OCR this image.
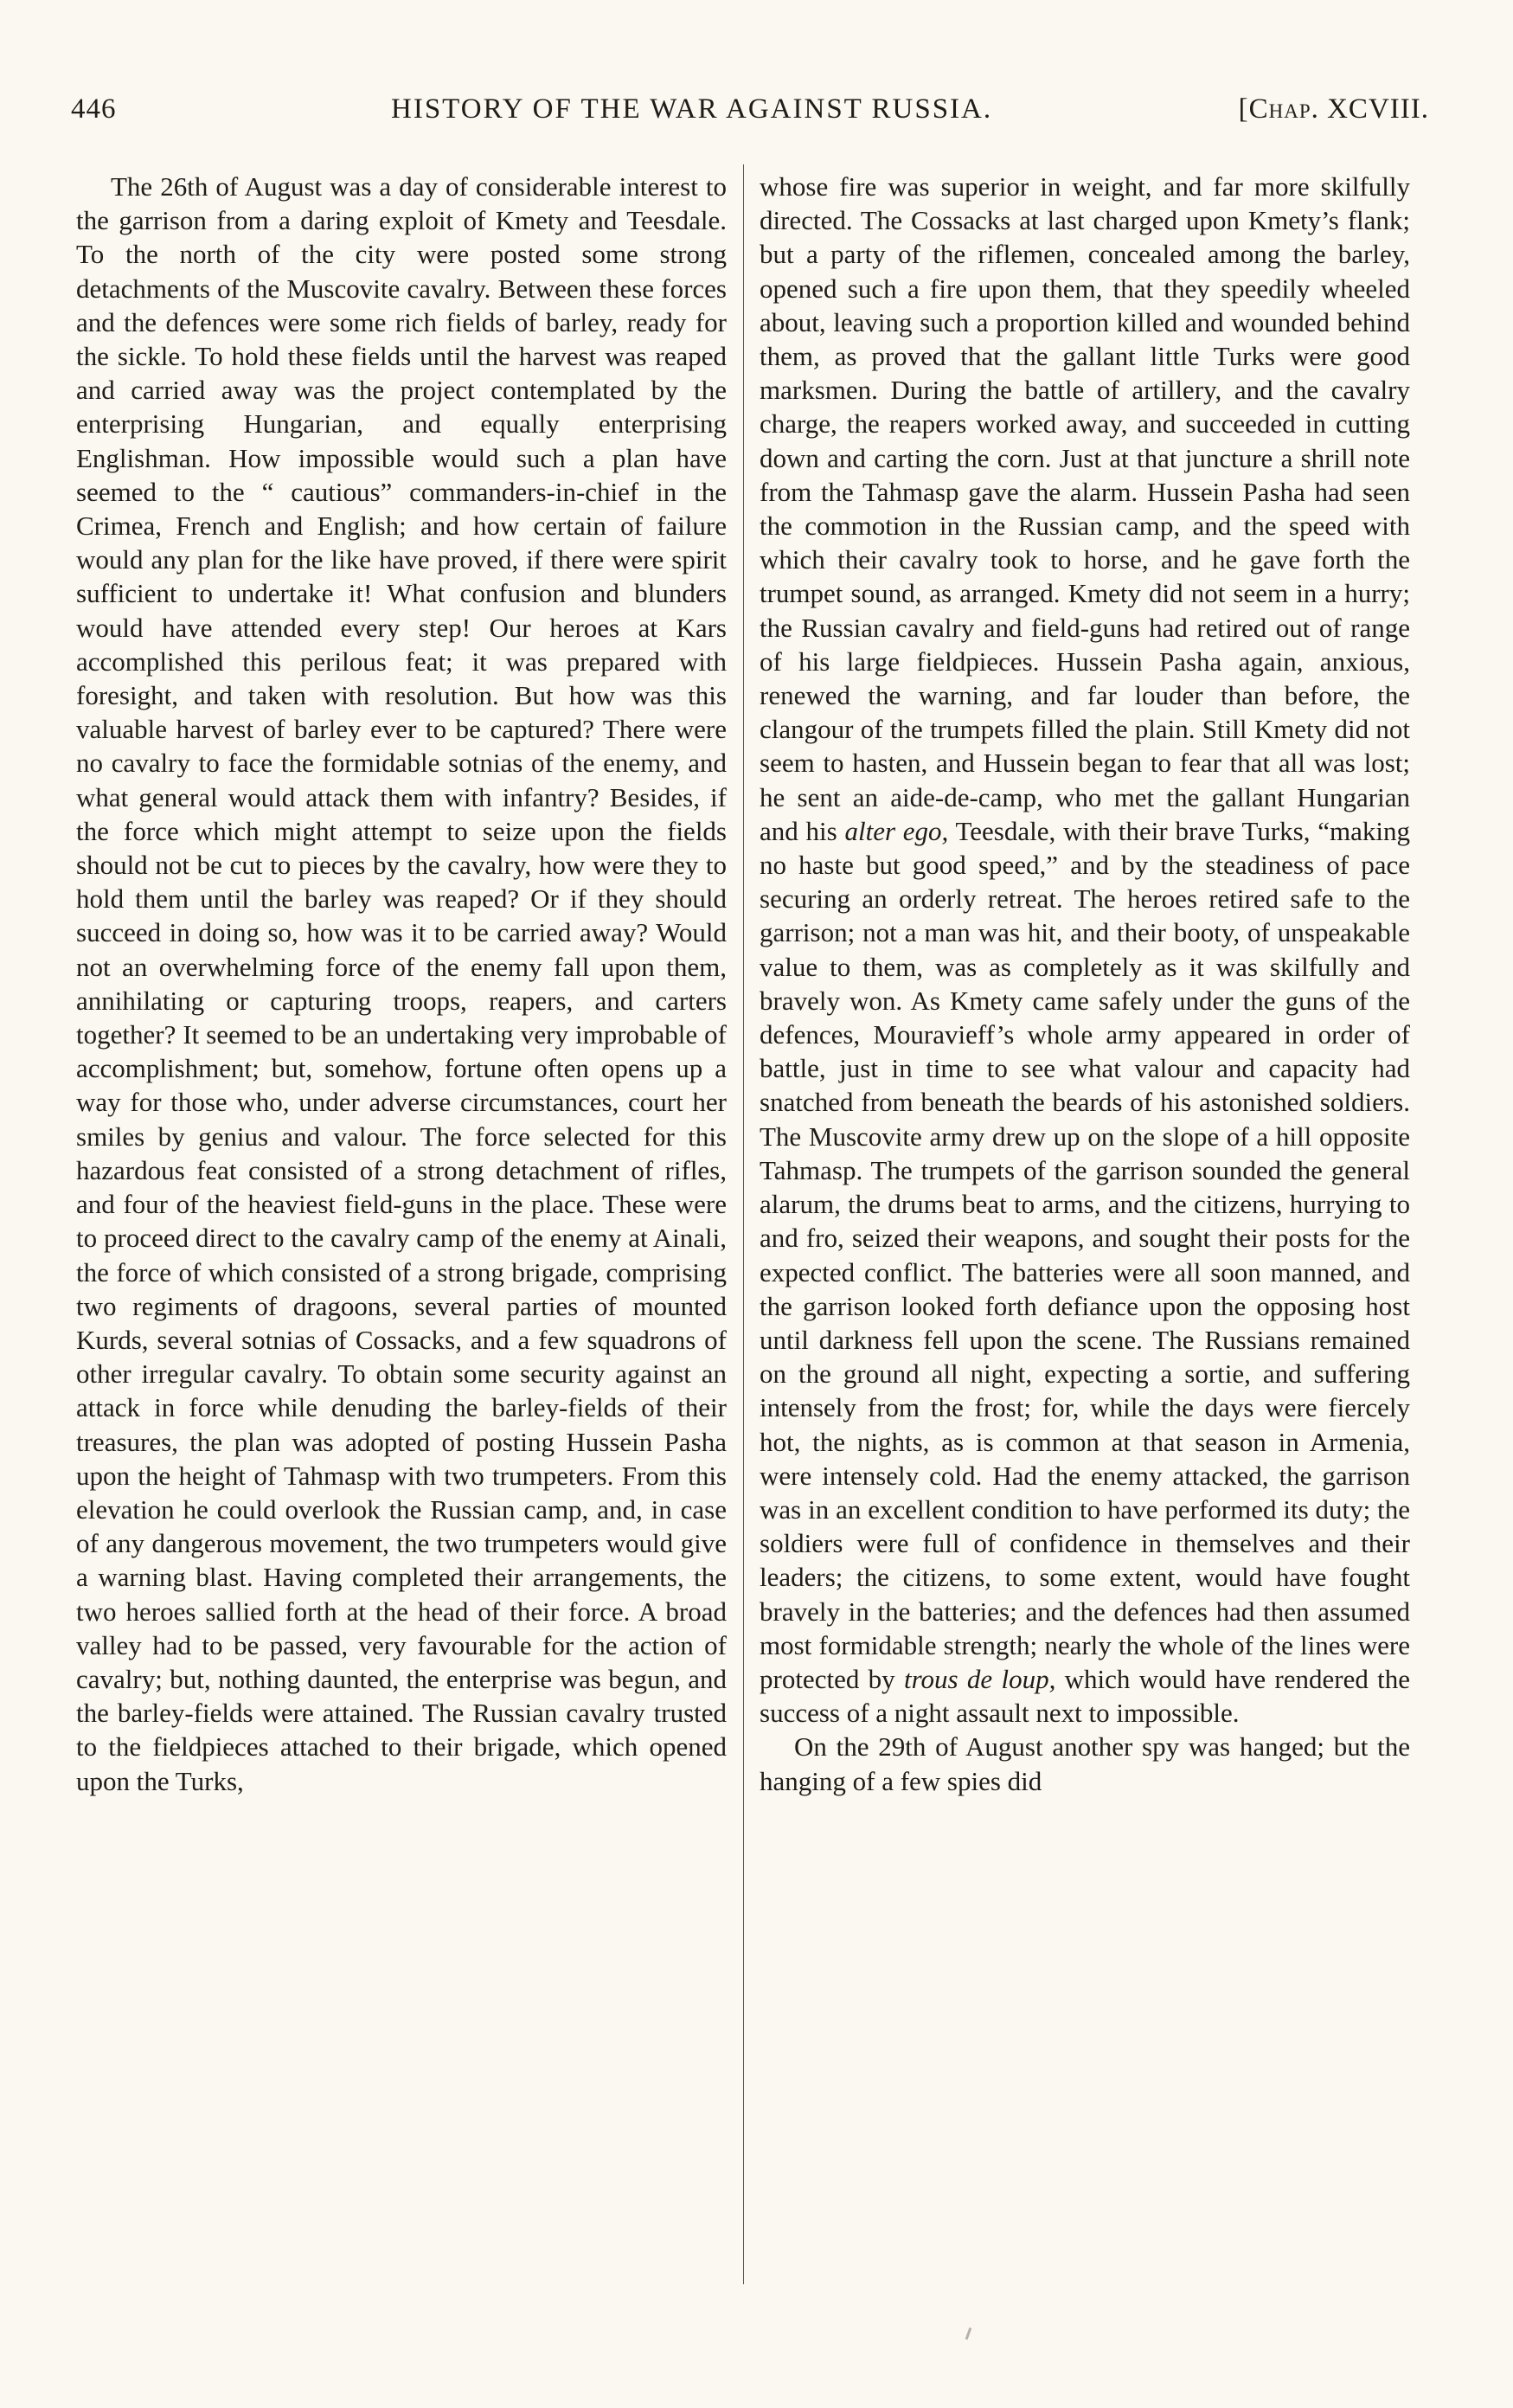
446	HISTORY OF THE WAR AGAINST RUSSIA.	[Chap. XCVIII.

The 26th of August was a day of considerable interest to the garrison from a daring exploit of Kmety and Teesdale. To the north of the city were posted some strong detachments of the Muscovite cavalry. Between these forces and the defences were some rich fields of barley, ready for the sickle. To hold these fields until the harvest was reaped and carried away was the project contemplated by the enterprising Hungarian, and equally enterprising Englishman. How impossible would such a plan have seemed to the “ cautious” commanders-in-chief in the Crimea, French and English; and how certain of failure would any plan for the like have proved, if there were spirit sufficient to undertake it! What confusion and blunders would have attended every step! Our heroes at Kars accomplished this perilous feat; it was prepared with foresight, and taken with resolution. But how was this valuable harvest of barley ever to be captured? There were no cavalry to face the formidable sotnias of the enemy, and what general would attack them with infantry? Besides, if the force which might attempt to seize upon the fields should not be cut to pieces by the cavalry, how were they to hold them until the barley was reaped? Or if they should succeed in doing so, how was it to be carried away? Would not an overwhelming force of the enemy fall upon them, annihilating or capturing troops, reapers, and carters together? It seemed to be an undertaking very improbable of accomplishment; but, somehow, fortune often opens up a way for those who, under adverse circumstances, court her smiles by genius and valour. The force selected for this hazardous feat consisted of a strong detachment of rifles, and four of the heaviest field-guns in the place. These were to proceed direct to the cavalry camp of the enemy at Ainali, the force of which consisted of a strong brigade, comprising two regiments of dragoons, several parties of mounted Kurds, several sotnias of Cossacks, and a few squadrons of other irregular cavalry. To obtain some security against an attack in force while denuding the barley-fields of their treasures, the plan was adopted of posting Hussein Pasha upon the height of Tahmasp with two trumpeters. From this elevation he could overlook the Russian camp, and, in case of any dangerous movement, the two trumpeters would give a warning blast. Having completed their arrangements, the two heroes sallied forth at the head of their force. A broad valley had to be passed, very favourable for the action of cavalry; but, nothing daunted, the enterprise was begun, and the barley-fields were attained. The Russian cavalry trusted to the fieldpieces attached to their brigade, which opened upon the Turks,

whose fire was superior in weight, and far more skilfully directed. The Cossacks at last charged upon Kmety’s flank; but a party of the riflemen, concealed among the barley, opened such a fire upon them, that they speedily wheeled about, leaving such a proportion killed and wounded behind them, as proved that the gallant little Turks were good marksmen. During the battle of artillery, and the cavalry charge, the reapers worked away, and succeeded in cutting down and carting the corn. Just at that juncture a shrill note from the Tahmasp gave the alarm. Hussein Pasha had seen the commotion in the Russian camp, and the speed with which their cavalry took to horse, and he gave forth the trumpet sound, as arranged. Kmety did not seem in a hurry; the Russian cavalry and field-guns had retired out of range of his large fieldpieces. Hussein Pasha again, anxious, renewed the warning, and far louder than before, the clangour of the trumpets filled the plain. Still Kmety did not seem to hasten, and Hussein began to fear that all was lost; he sent an aide-de-camp, who met the gallant Hungarian and his alter ego, Teesdale, with their brave Turks, “making no haste but good speed,” and by the steadiness of pace securing an orderly retreat. The heroes retired safe to the garrison; not a man was hit, and their booty, of unspeakable value to them, was as completely as it was skilfully and bravely won. As Kmety came safely under the guns of the defences, Mouravieff’s whole army appeared in order of battle, just in time to see what valour and capacity had snatched from beneath the beards of his astonished soldiers. The Muscovite army drew up on the slope of a hill opposite Tahmasp. The trumpets of the garrison sounded the general alarum, the drums beat to arms, and the citizens, hurrying to and fro, seized their weapons, and sought their posts for the expected conflict. The batteries were all soon manned, and the garrison looked forth defiance upon the opposing host until darkness fell upon the scene. The Russians remained on the ground all night, expecting a sortie, and suffering intensely from the frost; for, while the days were fiercely hot, the nights, as is common at that season in Armenia, were intensely cold. Had the enemy attacked, the garrison was in an excellent condition to have performed its duty; the soldiers were full of confidence in themselves and their leaders; the citizens, to some extent, would have fought bravely in the batteries; and the defences had then assumed most formidable strength; nearly the whole of the lines were protected by trous de loup, which would have rendered the success of a night assault next to impossible.

On the 29th of August another spy was hanged; but the hanging of a few spies did
